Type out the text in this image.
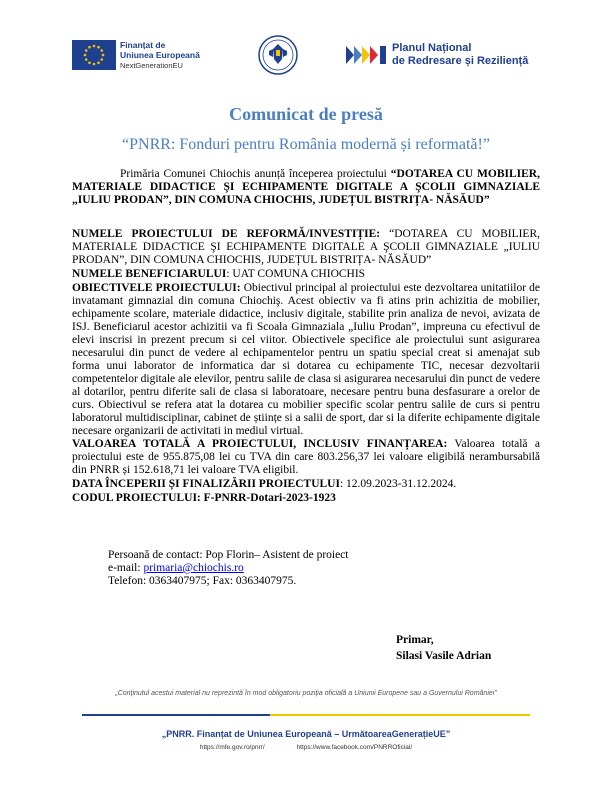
Finanțat de
Uniunea Europeană
NextGenerationEU
Planul Național
de Redresare și Reziliență
Comunicat de presă
“PNRR: Fonduri pentru România modernă și reformată!”
Primăria Comunei Chiochis anunță începerea proiectului “DOTAREA CU MOBILIER, MATERIALE DIDACTICE ŞI ECHIPAMENTE DIGITALE A ŞCOLII GIMNAZIALE „IULIU PRODAN”, DIN COMUNA CHIOCHIS, JUDEȚUL BISTRIȚA- NĂSĂUD”
NUMELE PROIECTULUI DE REFORMĂ/INVESTIȚIE: “DOTAREA CU MOBILIER, MATERIALE DIDACTICE ŞI ECHIPAMENTE DIGITALE A ŞCOLII GIMNAZIALE „IULIU PRODAN”, DIN COMUNA CHIOCHIS, JUDEȚUL BISTRIȚA- NĂSĂUD”
NUMELE BENEFICIARULUI: UAT COMUNA CHIOCHIS
OBIECTIVELE PROIECTULUI: Obiectivul principal al proiectului este dezvoltarea unitatiilor de invatamant gimnazial din comuna Chiochiş. Acest obiectiv va fi atins prin achizitia de mobilier, echipamente scolare, materiale didactice, inclusiv digitale, stabilite prin analiza de nevoi, avizata de ISJ. Beneficiarul acestor achizitii va fi Scoala Gimnaziala „Iuliu Prodan”, impreuna cu efectivul de elevi inscrisi in prezent precum si cel viitor. Obiectivele specifice ale proiectului sunt asigurarea necesarului din punct de vedere al echipamentelor pentru un spatiu special creat si amenajat sub forma unui laborator de informatica dar si dotarea cu echipamente TIC, necesar dezvoltarii competentelor digitale ale elevilor, pentru salile de clasa si asigurarea necesarului din punct de vedere al dotarilor, pentru diferite sali de clasa si laboratoare, necesare pentru buna desfasurare a orelor de curs. Obiectivul se refera atat la dotarea cu mobilier specific scolar pentru salile de curs si pentru laboratorul multidisciplinar, cabinet de științe si a salii de sport, dar si la diferite echipamente digitale necesare organizarii de activitati in mediul virtual.
VALOAREA TOTALĂ A PROIECTULUI, INCLUSIV FINANȚAREA: Valoarea totală a proiectului este de 955.875,08 lei cu TVA din care 803.256,37 lei valoare eligibilă nerambursabilă din PNRR și 152.618,71 lei valoare TVA eligibil.
DATA ÎNCEPERII ȘI FINALIZĂRII PROIECTULUI: 12.09.2023-31.12.2024.
CODUL PROIECTULUI: F-PNRR-Dotari-2023-1923
Persoană de contact: Pop Florin– Asistent de proiect
e-mail: primaria@chiochis.ro
Telefon: 0363407975; Fax: 0363407975.
Primar,
Silasi Vasile Adrian
„Conținutul acestui material nu reprezintă în mod obligatoriu poziția oficială a Uniunii Europene sau a Guvernului României”
„PNRR. Finanțat de Uniunea Europeană – UrmătoareaGenerațieUE”
https://mfe.gov.ro/pnrr/	https://www.facebook.com/PNRROficial/
